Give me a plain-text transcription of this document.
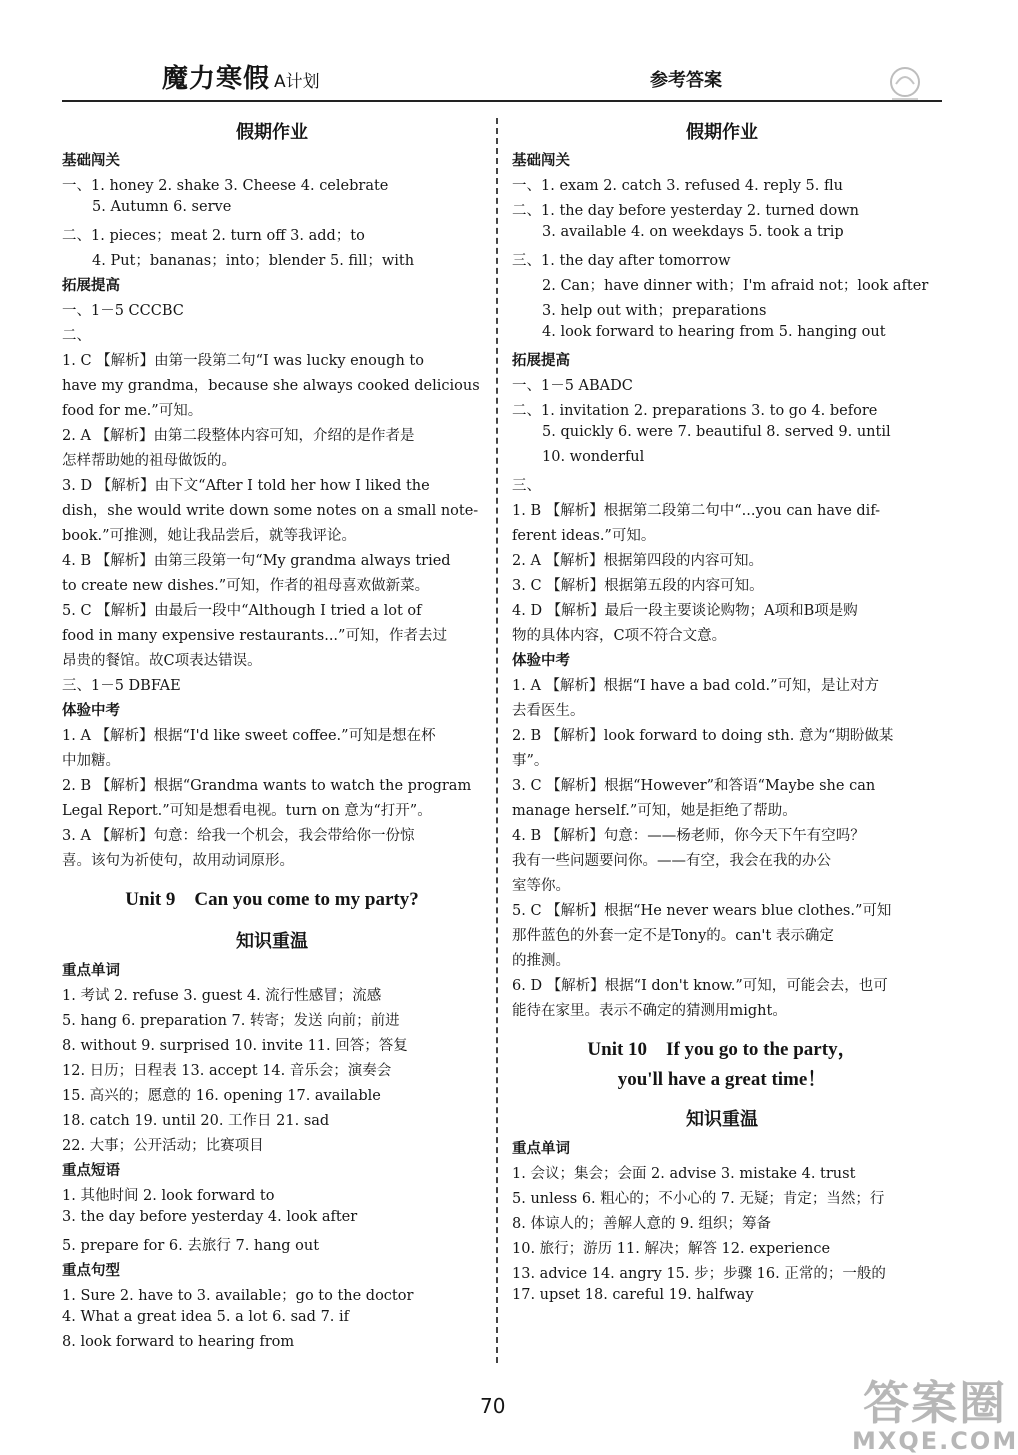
魔力寒假 A计划	参考答案
假期作业
基础闯关
一、1. honey 2. shake 3. Cheese 4. celebrate
5. Autumn 6. serve
二、1. pieces；meat 2. turn off 3. add；to
4. Put；bananas；into；blender 5. fill；with
拓展提高
一、1－5 CCCBC
二、
1. C 【解析】由第一段第二句“I was lucky enough to
have my grandma，because she always cooked delicious
food for me.”可知。
2. A 【解析】由第二段整体内容可知，介绍的是作者是
怎样帮助她的祖母做饭的。
3. D 【解析】由下文“After I told her how I liked the
dish，she would write down some notes on a small note-
book.”可推测，她让我品尝后，就等我评论。
4. B 【解析】由第三段第一句“My grandma always tried
to create new dishes.”可知，作者的祖母喜欢做新菜。
5. C 【解析】由最后一段中“Although I tried a lot of
food in many expensive restaurants...”可知，作者去过
昂贵的餐馆。故C项表达错误。
三、1－5 DBFAE
体验中考
1. A 【解析】根据“I'd like sweet coffee.”可知是想在杯
中加糖。
2. B 【解析】根据“Grandma wants to watch the program
Legal Report.”可知是想看电视。turn on 意为“打开”。
3. A 【解析】句意：给我一个机会，我会带给你一份惊
喜。该句为祈使句，故用动词原形。
Unit 9　Can you come to my party?
知识重温
重点单词
1. 考试 2. refuse 3. guest 4. 流行性感冒；流感
5. hang 6. preparation 7. 转寄；发送 向前；前进
8. without 9. surprised 10. invite 11. 回答；答复
12. 日历；日程表 13. accept 14. 音乐会；演奏会
15. 高兴的；愿意的 16. opening 17. available
18. catch 19. until 20. 工作日 21. sad
22. 大事；公开活动；比赛项目
重点短语
1. 其他时间 2. look forward to
3. the day before yesterday 4. look after
5. prepare for 6. 去旅行 7. hang out
重点句型
1. Sure 2. have to 3. available；go to the doctor
4. What a great idea 5. a lot 6. sad 7. if
8. look forward to hearing from
假期作业
基础闯关
一、1. exam 2. catch 3. refused 4. reply 5. flu
二、1. the day before yesterday 2. turned down
3. available 4. on weekdays 5. took a trip
三、1. the day after tomorrow
2. Can；have dinner with；I'm afraid not；look after
3. help out with；preparations
4. look forward to hearing from 5. hanging out
拓展提高
一、1－5 ABADC
二、1. invitation 2. preparations 3. to go 4. before
5. quickly 6. were 7. beautiful 8. served 9. until
10. wonderful
三、
1. B 【解析】根据第二段第二句中“...you can have dif-
ferent ideas.”可知。
2. A 【解析】根据第四段的内容可知。
3. C 【解析】根据第五段的内容可知。
4. D 【解析】最后一段主要谈论购物；A项和B项是购
物的具体内容，C项不符合文意。
体验中考
1. A 【解析】根据“I have a bad cold.”可知，是让对方
去看医生。
2. B 【解析】look forward to doing sth. 意为“期盼做某
事”。
3. C 【解析】根据“However”和答语“Maybe she can
manage herself.”可知，她是拒绝了帮助。
4. B 【解析】句意：——杨老师，你今天下午有空吗？
我有一些问题要问你。——有空，我会在我的办公
室等你。
5. C 【解析】根据“He never wears blue clothes.”可知
那件蓝色的外套一定不是Tony的。can't 表示确定
的推测。
6. D 【解析】根据“I don't know.”可知，可能会去，也可
能待在家里。表示不确定的猜测用might。
Unit 10　If you go to the party，
you'll have a great time！
知识重温
重点单词
1. 会议；集会；会面 2. advise 3. mistake 4. trust
5. unless 6. 粗心的；不小心的 7. 无疑；肯定；当然；行
8. 体谅人的；善解人意的 9. 组织；筹备
10. 旅行；游历 11. 解决；解答 12. experience
13. advice 14. angry 15. 步；步骤 16. 正常的；一般的
17. upset 18. careful 19. halfway
70	答案圈
MXQE.COM
